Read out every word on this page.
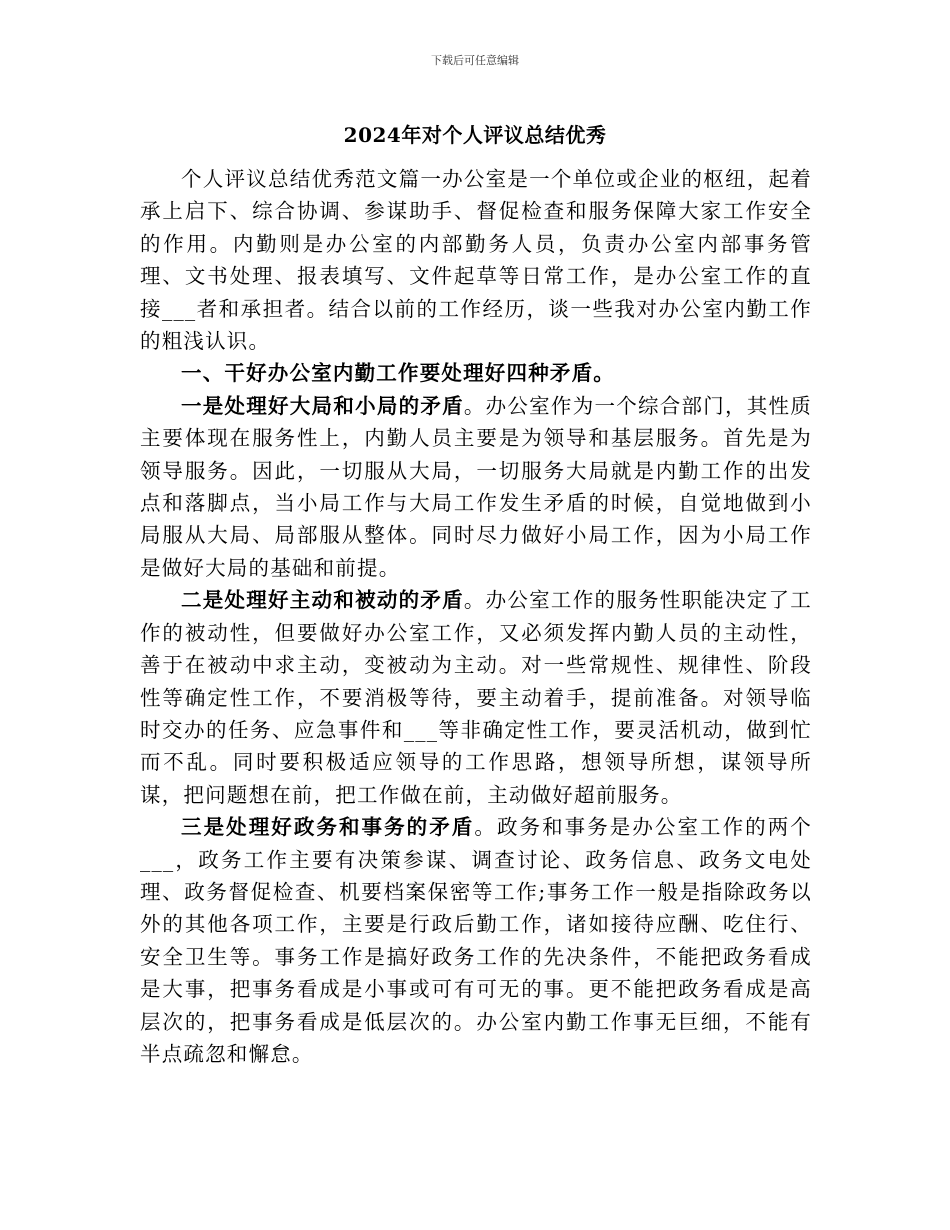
下载后可任意编辑
2024年对个人评议总结优秀

个人评议总结优秀范文篇一办公室是一个单位或企业的枢纽，起着承上启下、综合协调、参谋助手、督促检查和服务保障大家工作安全的作用。内勤则是办公室的内部勤务人员，负责办公室内部事务管理、文书处理、报表填写、文件起草等日常工作，是办公室工作的直接___者和承担者。结合以前的工作经历，谈一些我对办公室内勤工作的粗浅认识。

一、干好办公室内勤工作要处理好四种矛盾。

一是处理好大局和小局的矛盾。办公室作为一个综合部门，其性质主要体现在服务性上，内勤人员主要是为领导和基层服务。首先是为领导服务。因此，一切服从大局，一切服务大局就是内勤工作的出发点和落脚点，当小局工作与大局工作发生矛盾的时候，自觉地做到小局服从大局、局部服从整体。同时尽力做好小局工作，因为小局工作是做好大局的基础和前提。

二是处理好主动和被动的矛盾。办公室工作的服务性职能决定了工作的被动性，但要做好办公室工作，又必须发挥内勤人员的主动性，善于在被动中求主动，变被动为主动。对一些常规性、规律性、阶段性等确定性工作，不要消极等待，要主动着手，提前准备。对领导临时交办的任务、应急事件和___等非确定性工作，要灵活机动，做到忙而不乱。同时要积极适应领导的工作思路，想领导所想，谋领导所谋，把问题想在前，把工作做在前，主动做好超前服务。

三是处理好政务和事务的矛盾。政务和事务是办公室工作的两个___，政务工作主要有决策参谋、调查讨论、政务信息、政务文电处理、政务督促检查、机要档案保密等工作;事务工作一般是指除政务以外的其他各项工作，主要是行政后勤工作，诸如接待应酬、吃住行、安全卫生等。事务工作是搞好政务工作的先决条件，不能把政务看成是大事，把事务看成是小事或可有可无的事。更不能把政务看成是高层次的，把事务看成是低层次的。办公室内勤工作事无巨细，不能有半点疏忽和懈怠。
